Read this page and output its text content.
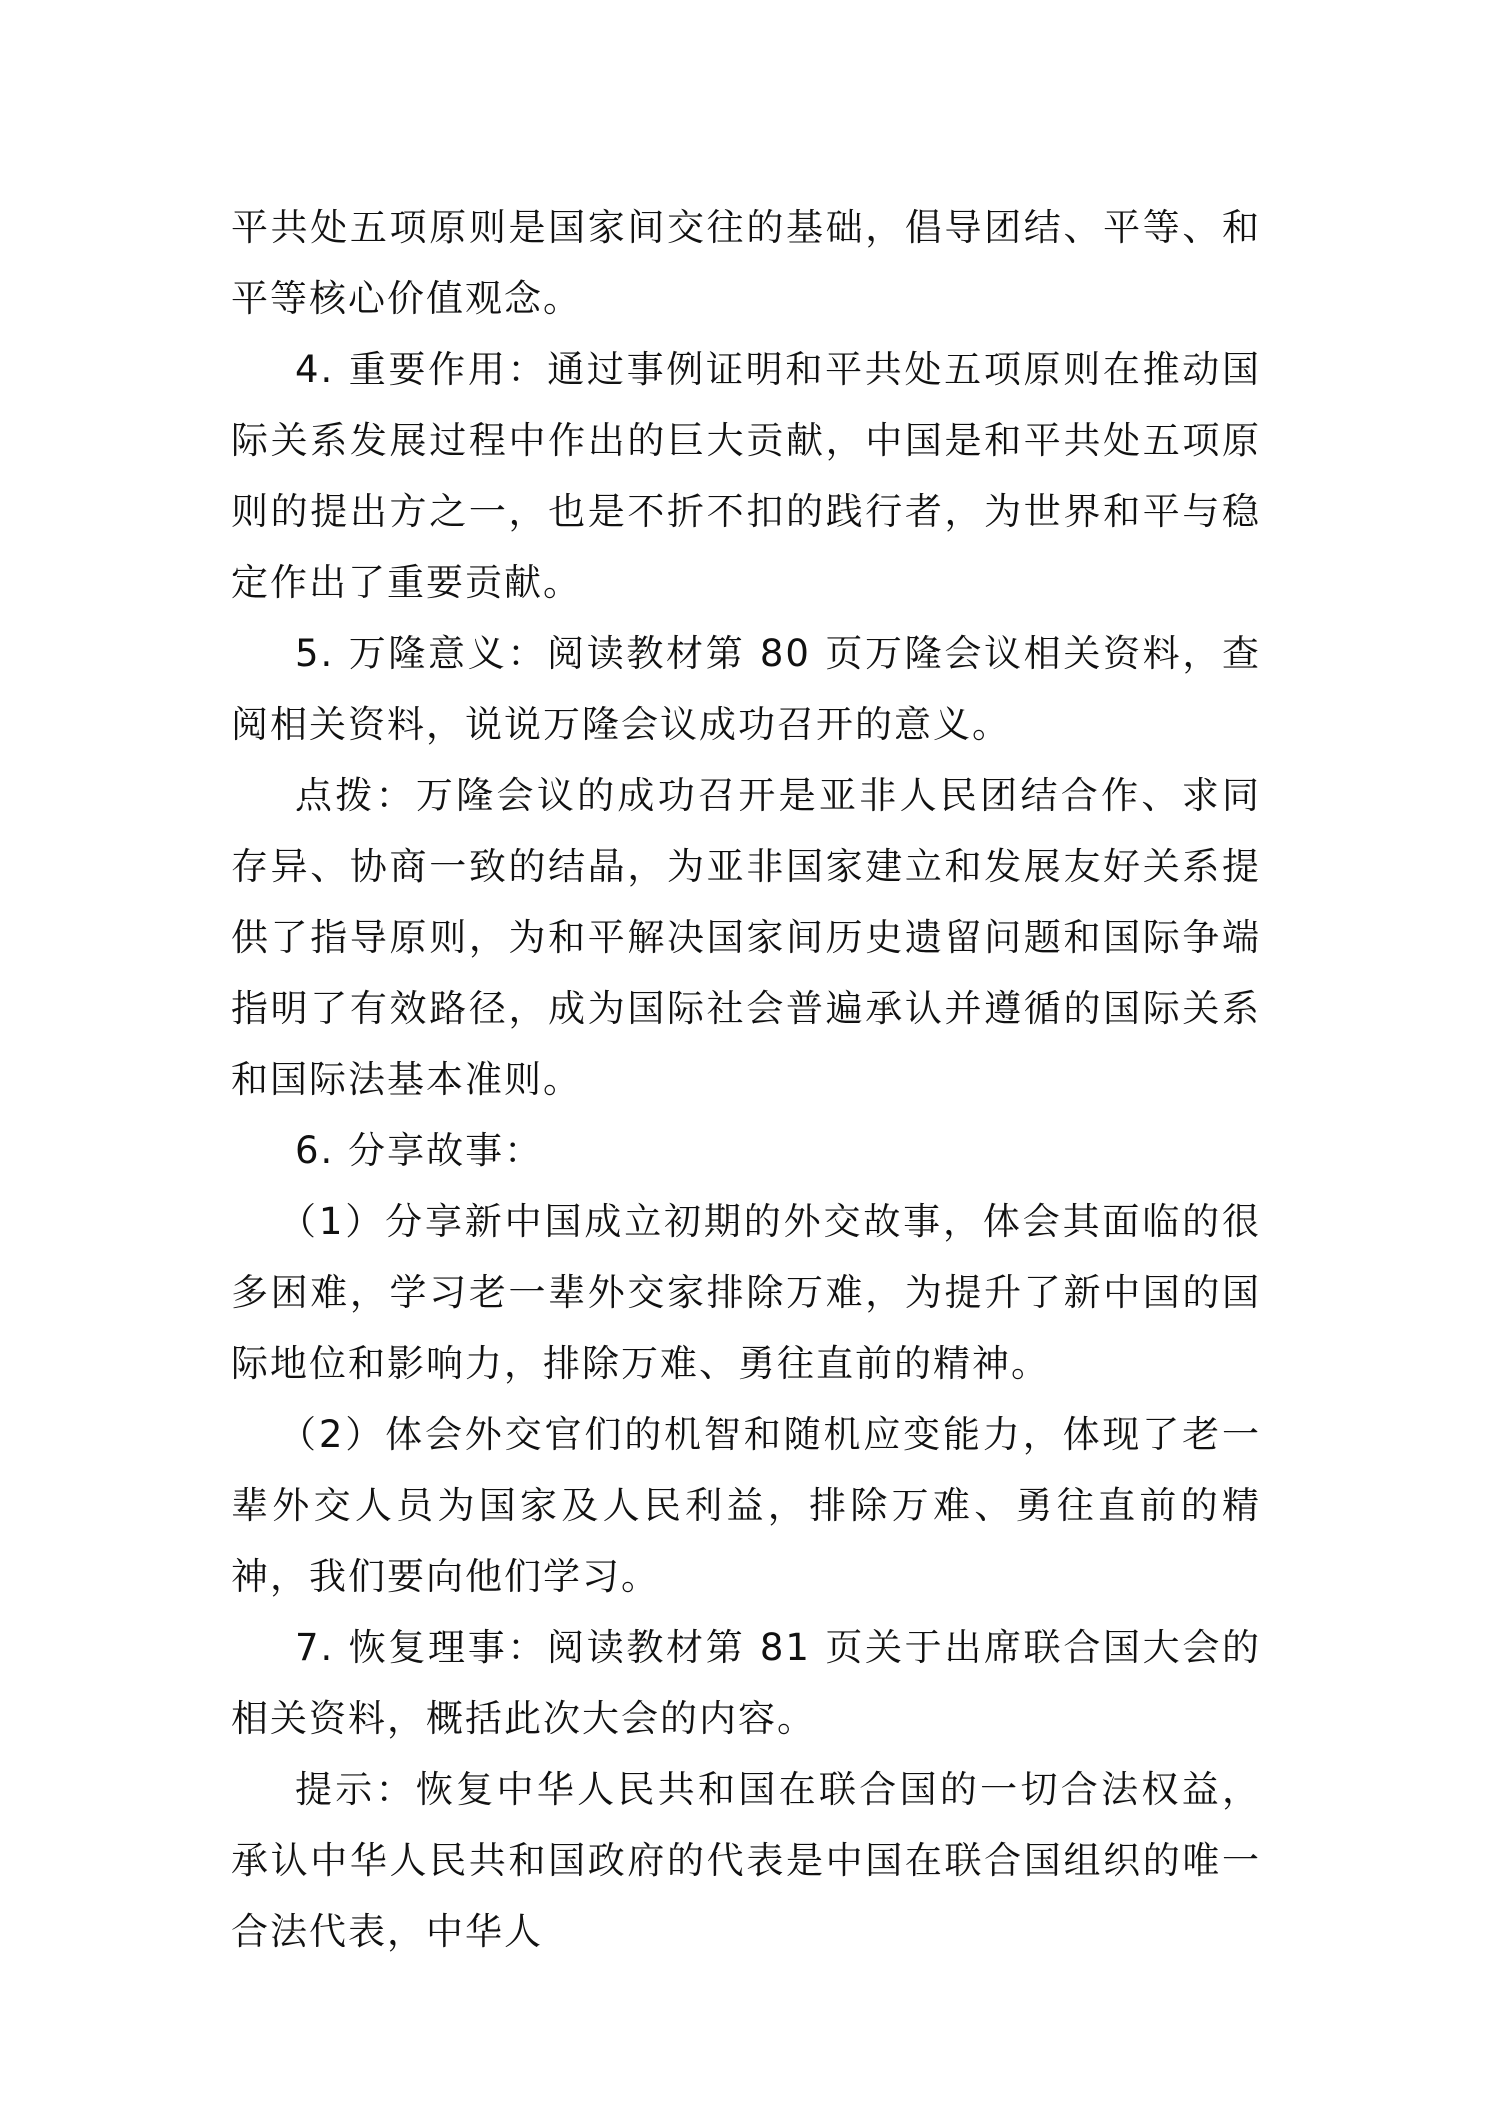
平共处五项原则是国家间交往的基础，倡导团结、平等、和平等核心价值观念。

4. 重要作用：通过事例证明和平共处五项原则在推动国际关系发展过程中作出的巨大贡献，中国是和平共处五项原则的提出方之一，也是不折不扣的践行者，为世界和平与稳定作出了重要贡献。

5. 万隆意义：阅读教材第 80 页万隆会议相关资料，查阅相关资料，说说万隆会议成功召开的意义。

点拨：万隆会议的成功召开是亚非人民团结合作、求同存异、协商一致的结晶，为亚非国家建立和发展友好关系提供了指导原则，为和平解决国家间历史遗留问题和国际争端指明了有效路径，成为国际社会普遍承认并遵循的国际关系和国际法基本准则。

6. 分享故事：

（1）分享新中国成立初期的外交故事，体会其面临的很多困难，学习老一辈外交家排除万难，为提升了新中国的国际地位和影响力，排除万难、勇往直前的精神。

（2）体会外交官们的机智和随机应变能力，体现了老一辈外交人员为国家及人民利益，排除万难、勇往直前的精神，我们要向他们学习。

7. 恢复理事：阅读教材第 81 页关于出席联合国大会的相关资料，概括此次大会的内容。

提示：恢复中华人民共和国在联合国的一切合法权益，承认中华人民共和国政府的代表是中国在联合国组织的唯一合法代表，中华人
